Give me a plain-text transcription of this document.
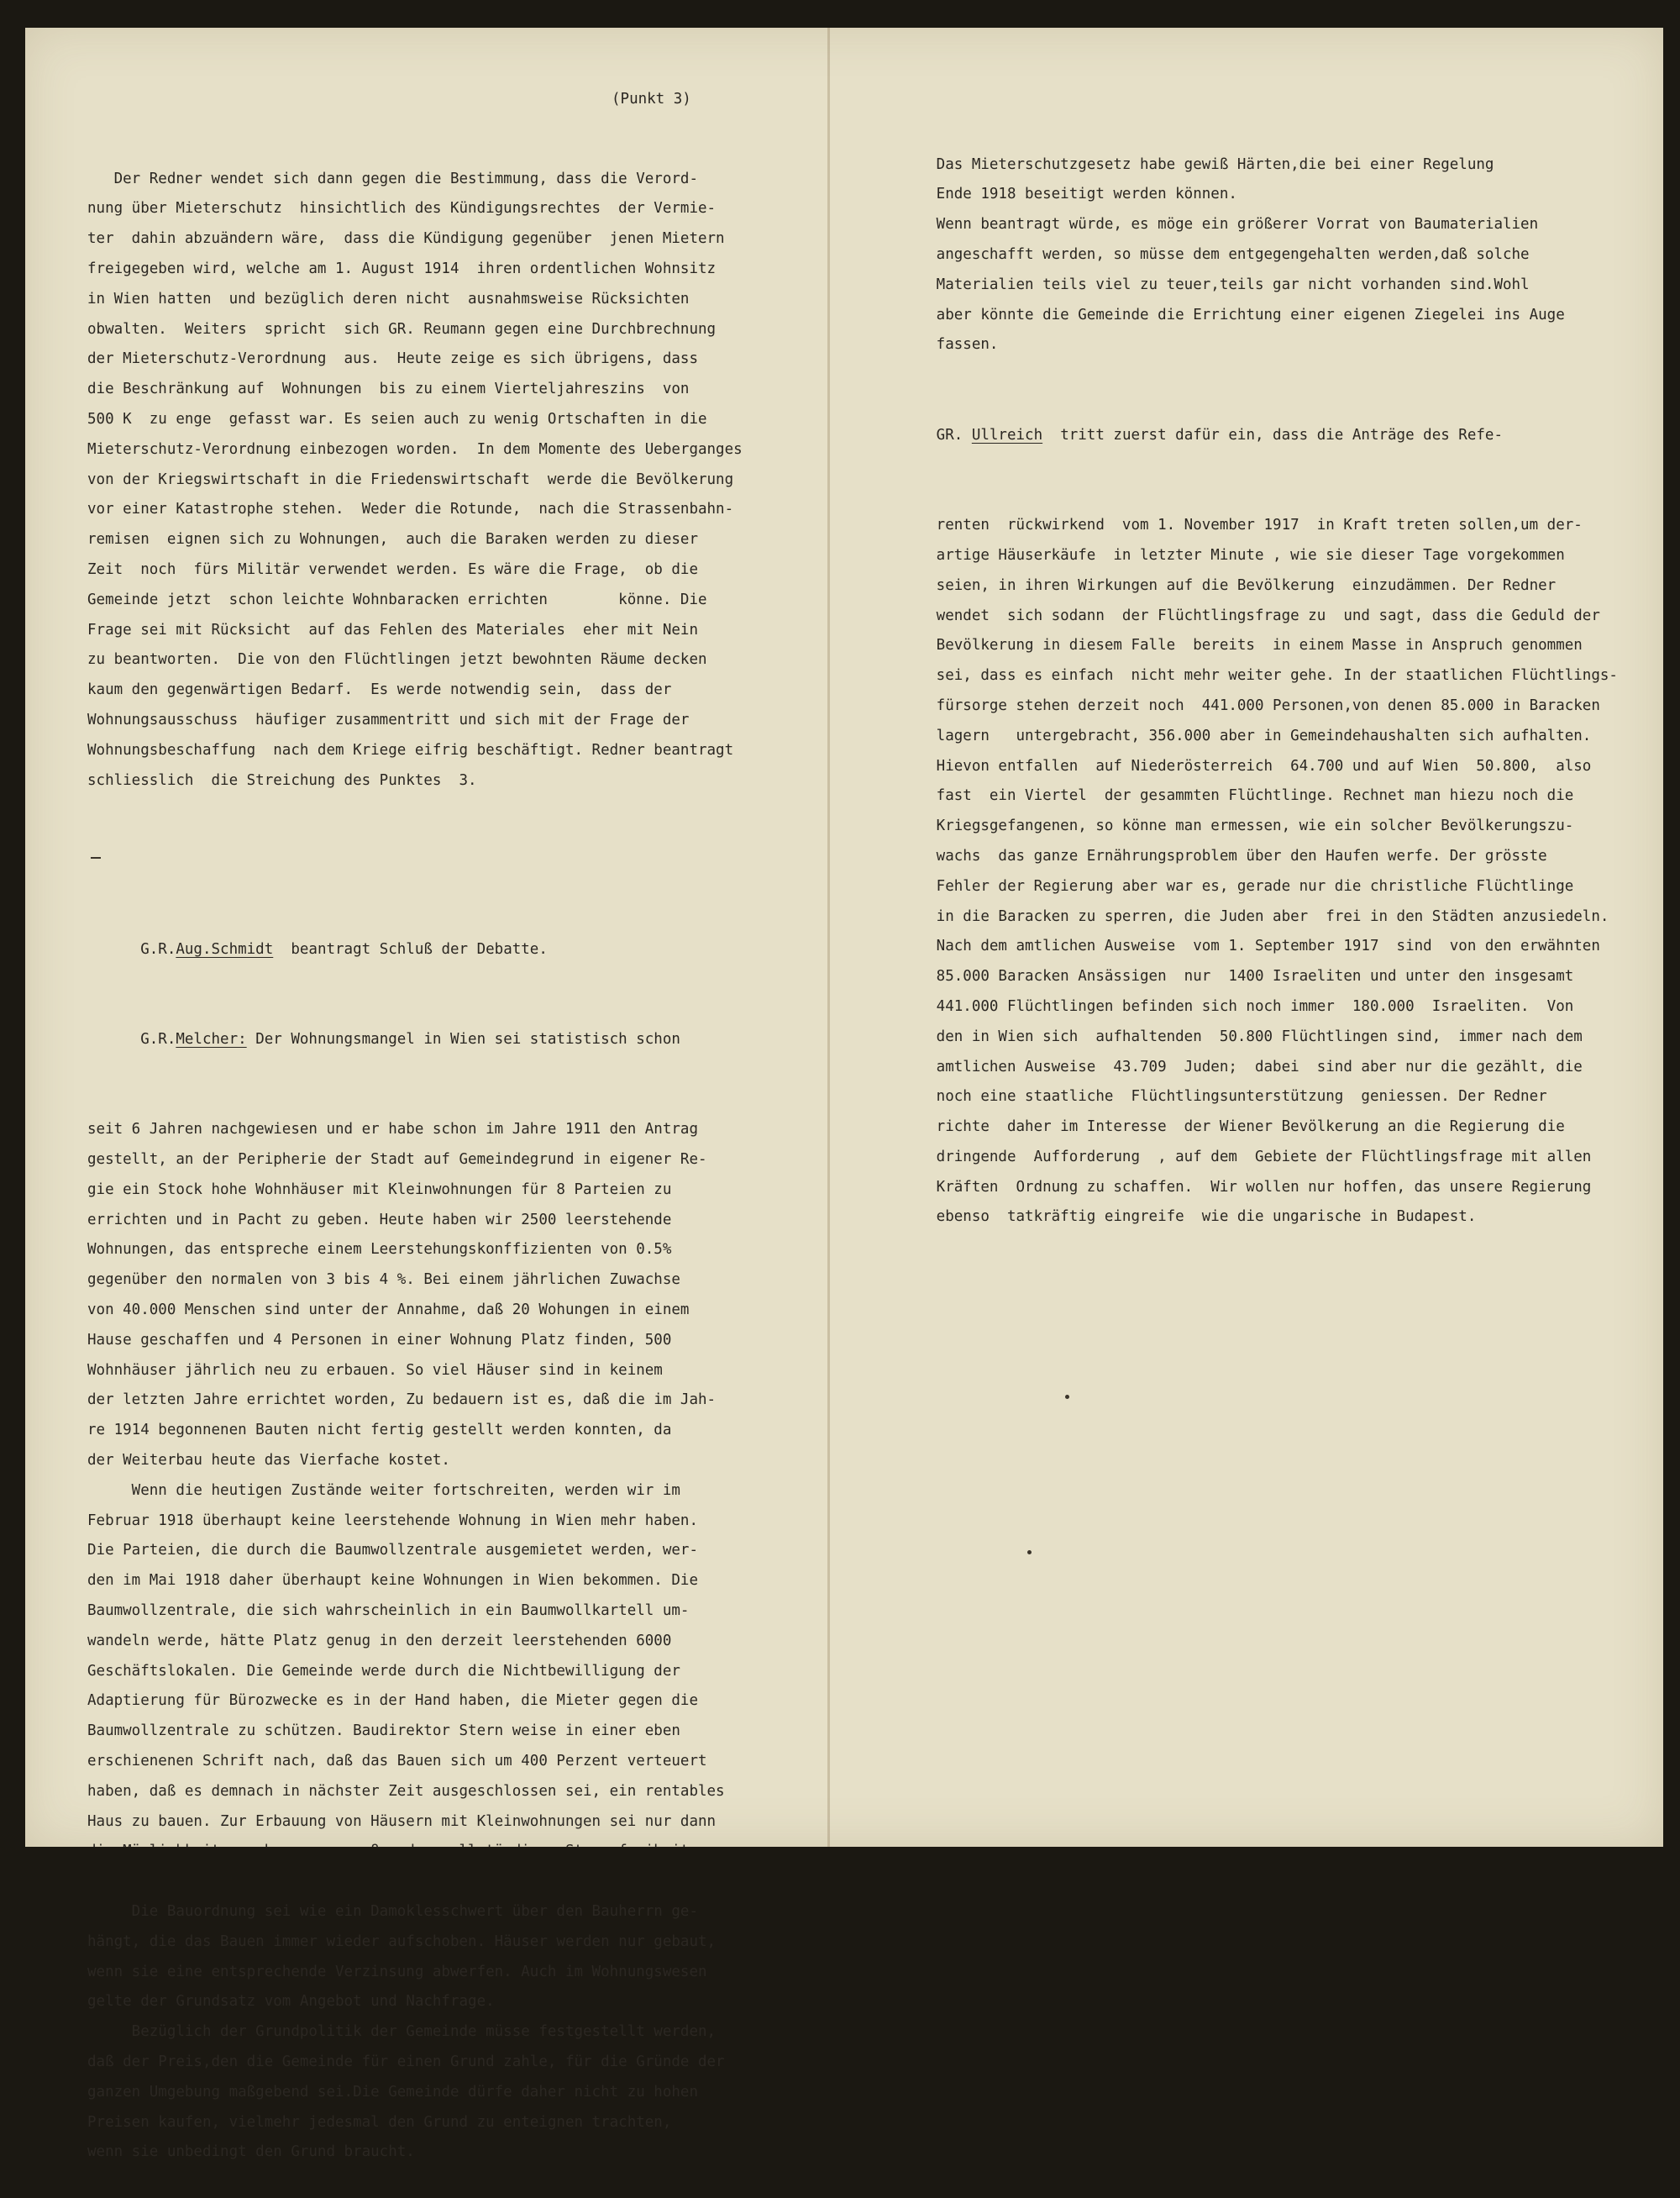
(Punkt 3)

Der Redner wendet sich dann gegen die Bestimmung, dass die Verord-

nung über Mieterschutz  hinsichtlich des Kündigungsrechtes  der Vermie-

ter  dahin abzuändern wäre,  dass die Kündigung gegenüber  jenen Mietern

freigegeben wird, welche am 1. August 1914  ihren ordentlichen Wohnsitz

in Wien hatten  und bezüglich deren nicht  ausnahmsweise Rücksichten

obwalten.  Weiters  spricht  sich GR. Reumann gegen eine Durchbrechnung

der Mieterschutz-Verordnung  aus.  Heute zeige es sich übrigens, dass

die Beschränkung auf  Wohnungen  bis zu einem Vierteljahreszins  von

500 K  zu enge  gefasst war. Es seien auch zu wenig Ortschaften in die

Mieterschutz-Verordnung einbezogen worden.  In dem Momente des Ueberganges

von der Kriegswirtschaft in die Friedenswirtschaft  werde die Bevölkerung

vor einer Katastrophe stehen.  Weder die Rotunde,  nach die Strassenbahn-

remisen  eignen sich zu Wohnungen,  auch die Baraken werden zu dieser

Zeit  noch  fürs Militär verwendet werden. Es wäre die Frage,  ob die

Gemeinde jetzt  schon leichte Wohnbaracken errichten        könne. Die

Frage sei mit Rücksicht  auf das Fehlen des Materiales  eher mit Nein

zu beantworten.  Die von den Flüchtlingen jetzt bewohnten Räume decken

kaum den gegenwärtigen Bedarf.  Es werde notwendig sein,  dass der

Wohnungsausschuss  häufiger zusammentritt und sich mit der Frage der

Wohnungsbeschaffung  nach dem Kriege eifrig beschäftigt. Redner beantragt

schliesslich  die Streichung des Punktes  3.

G.R.Aug.Schmidt  beantragt Schluß der Debatte.

G.R.Melcher: Der Wohnungsmangel in Wien sei statistisch schon

seit 6 Jahren nachgewiesen und er habe schon im Jahre 1911 den Antrag

gestellt, an der Peripherie der Stadt auf Gemeindegrund in eigener Re-

gie ein Stock hohe Wohnhäuser mit Kleinwohnungen für 8 Parteien zu

errichten und in Pacht zu geben. Heute haben wir 2500 leerstehende

Wohnungen, das entspreche einem Leerstehungskonffizienten von 0.5%

gegenüber den normalen von 3 bis 4 %. Bei einem jährlichen Zuwachse

von 40.000 Menschen sind unter der Annahme, daß 20 Wohungen in einem

Hause geschaffen und 4 Personen in einer Wohnung Platz finden, 500

Wohnhäuser jährlich neu zu erbauen. So viel Häuser sind in keinem

der letzten Jahre errichtet worden, Zu bedauern ist es, daß die im Jah-

re 1914 begonnenen Bauten nicht fertig gestellt werden konnten, da

der Weiterbau heute das Vierfache kostet.

Wenn die heutigen Zustände weiter fortschreiten, werden wir im

Februar 1918 überhaupt keine leerstehende Wohnung in Wien mehr haben.

Die Parteien, die durch die Baumwollzentrale ausgemietet werden, wer-

den im Mai 1918 daher überhaupt keine Wohnungen in Wien bekommen. Die

Baumwollzentrale, die sich wahrscheinlich in ein Baumwollkartell um-

wandeln werde, hätte Platz genug in den derzeit leerstehenden 6000

Geschäftslokalen. Die Gemeinde werde durch die Nichtbewilligung der

Adaptierung für Bürozwecke es in der Hand haben, die Mieter gegen die

Baumwollzentrale zu schützen. Baudirektor Stern weise in einer eben

erschienenen Schrift nach, daß das Bauen sich um 400 Perzent verteuert

haben, daß es demnach in nächster Zeit ausgeschlossen sei, ein rentables

Haus zu bauen. Zur Erbauung von Häusern mit Kleinwohnungen sei nur dann

Die Bauordnung sei wie ein Damoklesschwert über den Bauherrn ge-

hängt, die das Bauen immer wieder aufschoben. Häuser werden nur gebaut,

wenn sie eine entsprechende Verzinsung abwerfen. Auch im Wohnungswesen

gelte der Grundsatz vom Angebot und Nachfrage.

Bezüglich der Grundpolitik der Gemeinde müsse festgestellt werden,

daß der Preis,den die Gemeinde für einen Grund zahle, für die Gründe der

ganzen Umgebung maßgebend sei.Die Gemeinde dürfe daher nicht zu hohen

Preisen kaufen, vielmehr jedesmal den Grund zu enteignen trachten,

wenn sie unbedingt den Grund braucht.

Das Mieterschutzgesetz habe gewiß Härten,die bei einer Regelung

Ende 1918 beseitigt werden können.

Wenn beantragt würde, es möge ein größerer Vorrat von Baumaterialien

angeschafft werden, so müsse dem entgegengehalten werden,daß solche

Materialien teils viel zu teuer,teils gar nicht vorhanden sind.Wohl

aber könnte die Gemeinde die Errichtung einer eigenen Ziegelei ins Auge

fassen.

GR. Ullreich  tritt zuerst dafür ein, dass die Anträge des Refe-

renten  rückwirkend  vom 1. November 1917  in Kraft treten sollen,um der-

artige Häuserkäufe  in letzter Minute , wie sie dieser Tage vorgekommen

seien, in ihren Wirkungen auf die Bevölkerung  einzudämmen. Der Redner

wendet  sich sodann  der Flüchtlingsfrage zu  und sagt, dass die Geduld der

Bevölkerung in diesem Falle  bereits  in einem Masse in Anspruch genommen

sei, dass es einfach  nicht mehr weiter gehe. In der staatlichen Flüchtlings-

fürsorge stehen derzeit noch  441.000 Personen,von denen 85.000 in Baracken

lagern   untergebracht, 356.000 aber in Gemeindehaushalten sich aufhalten.

Hievon entfallen  auf Niederösterreich  64.700 und auf Wien  50.800,  also

fast  ein Viertel  der gesammten Flüchtlinge. Rechnet man hiezu noch die

Kriegsgefangenen, so könne man ermessen, wie ein solcher Bevölkerungszu-

wachs  das ganze Ernährungsproblem über den Haufen werfe. Der grösste

Fehler der Regierung aber war es, gerade nur die christliche Flüchtlinge

in die Baracken zu sperren, die Juden aber  frei in den Städten anzusiedeln.

Nach dem amtlichen Ausweise  vom 1. September 1917  sind  von den erwähnten

85.000 Baracken Ansässigen  nur  1400 Israeliten und unter den insgesamt

441.000 Flüchtlingen befinden sich noch immer  180.000  Israeliten.  Von

den in Wien sich  aufhaltenden  50.800 Flüchtlingen sind,  immer nach dem

amtlichen Ausweise  43.709  Juden;  dabei  sind aber nur die gezählt, die

noch eine staatliche  Flüchtlingsunterstützung  geniessen. Der Redner

richte  daher im Interesse  der Wiener Bevölkerung an die Regierung die

dringende  Aufforderung  , auf dem  Gebiete der Flüchtlingsfrage mit allen

Kräften  Ordnung zu schaffen.  Wir wollen nur hoffen, das unsere Regierung

ebenso  tatkräftig eingreife  wie die ungarische in Budapest.
